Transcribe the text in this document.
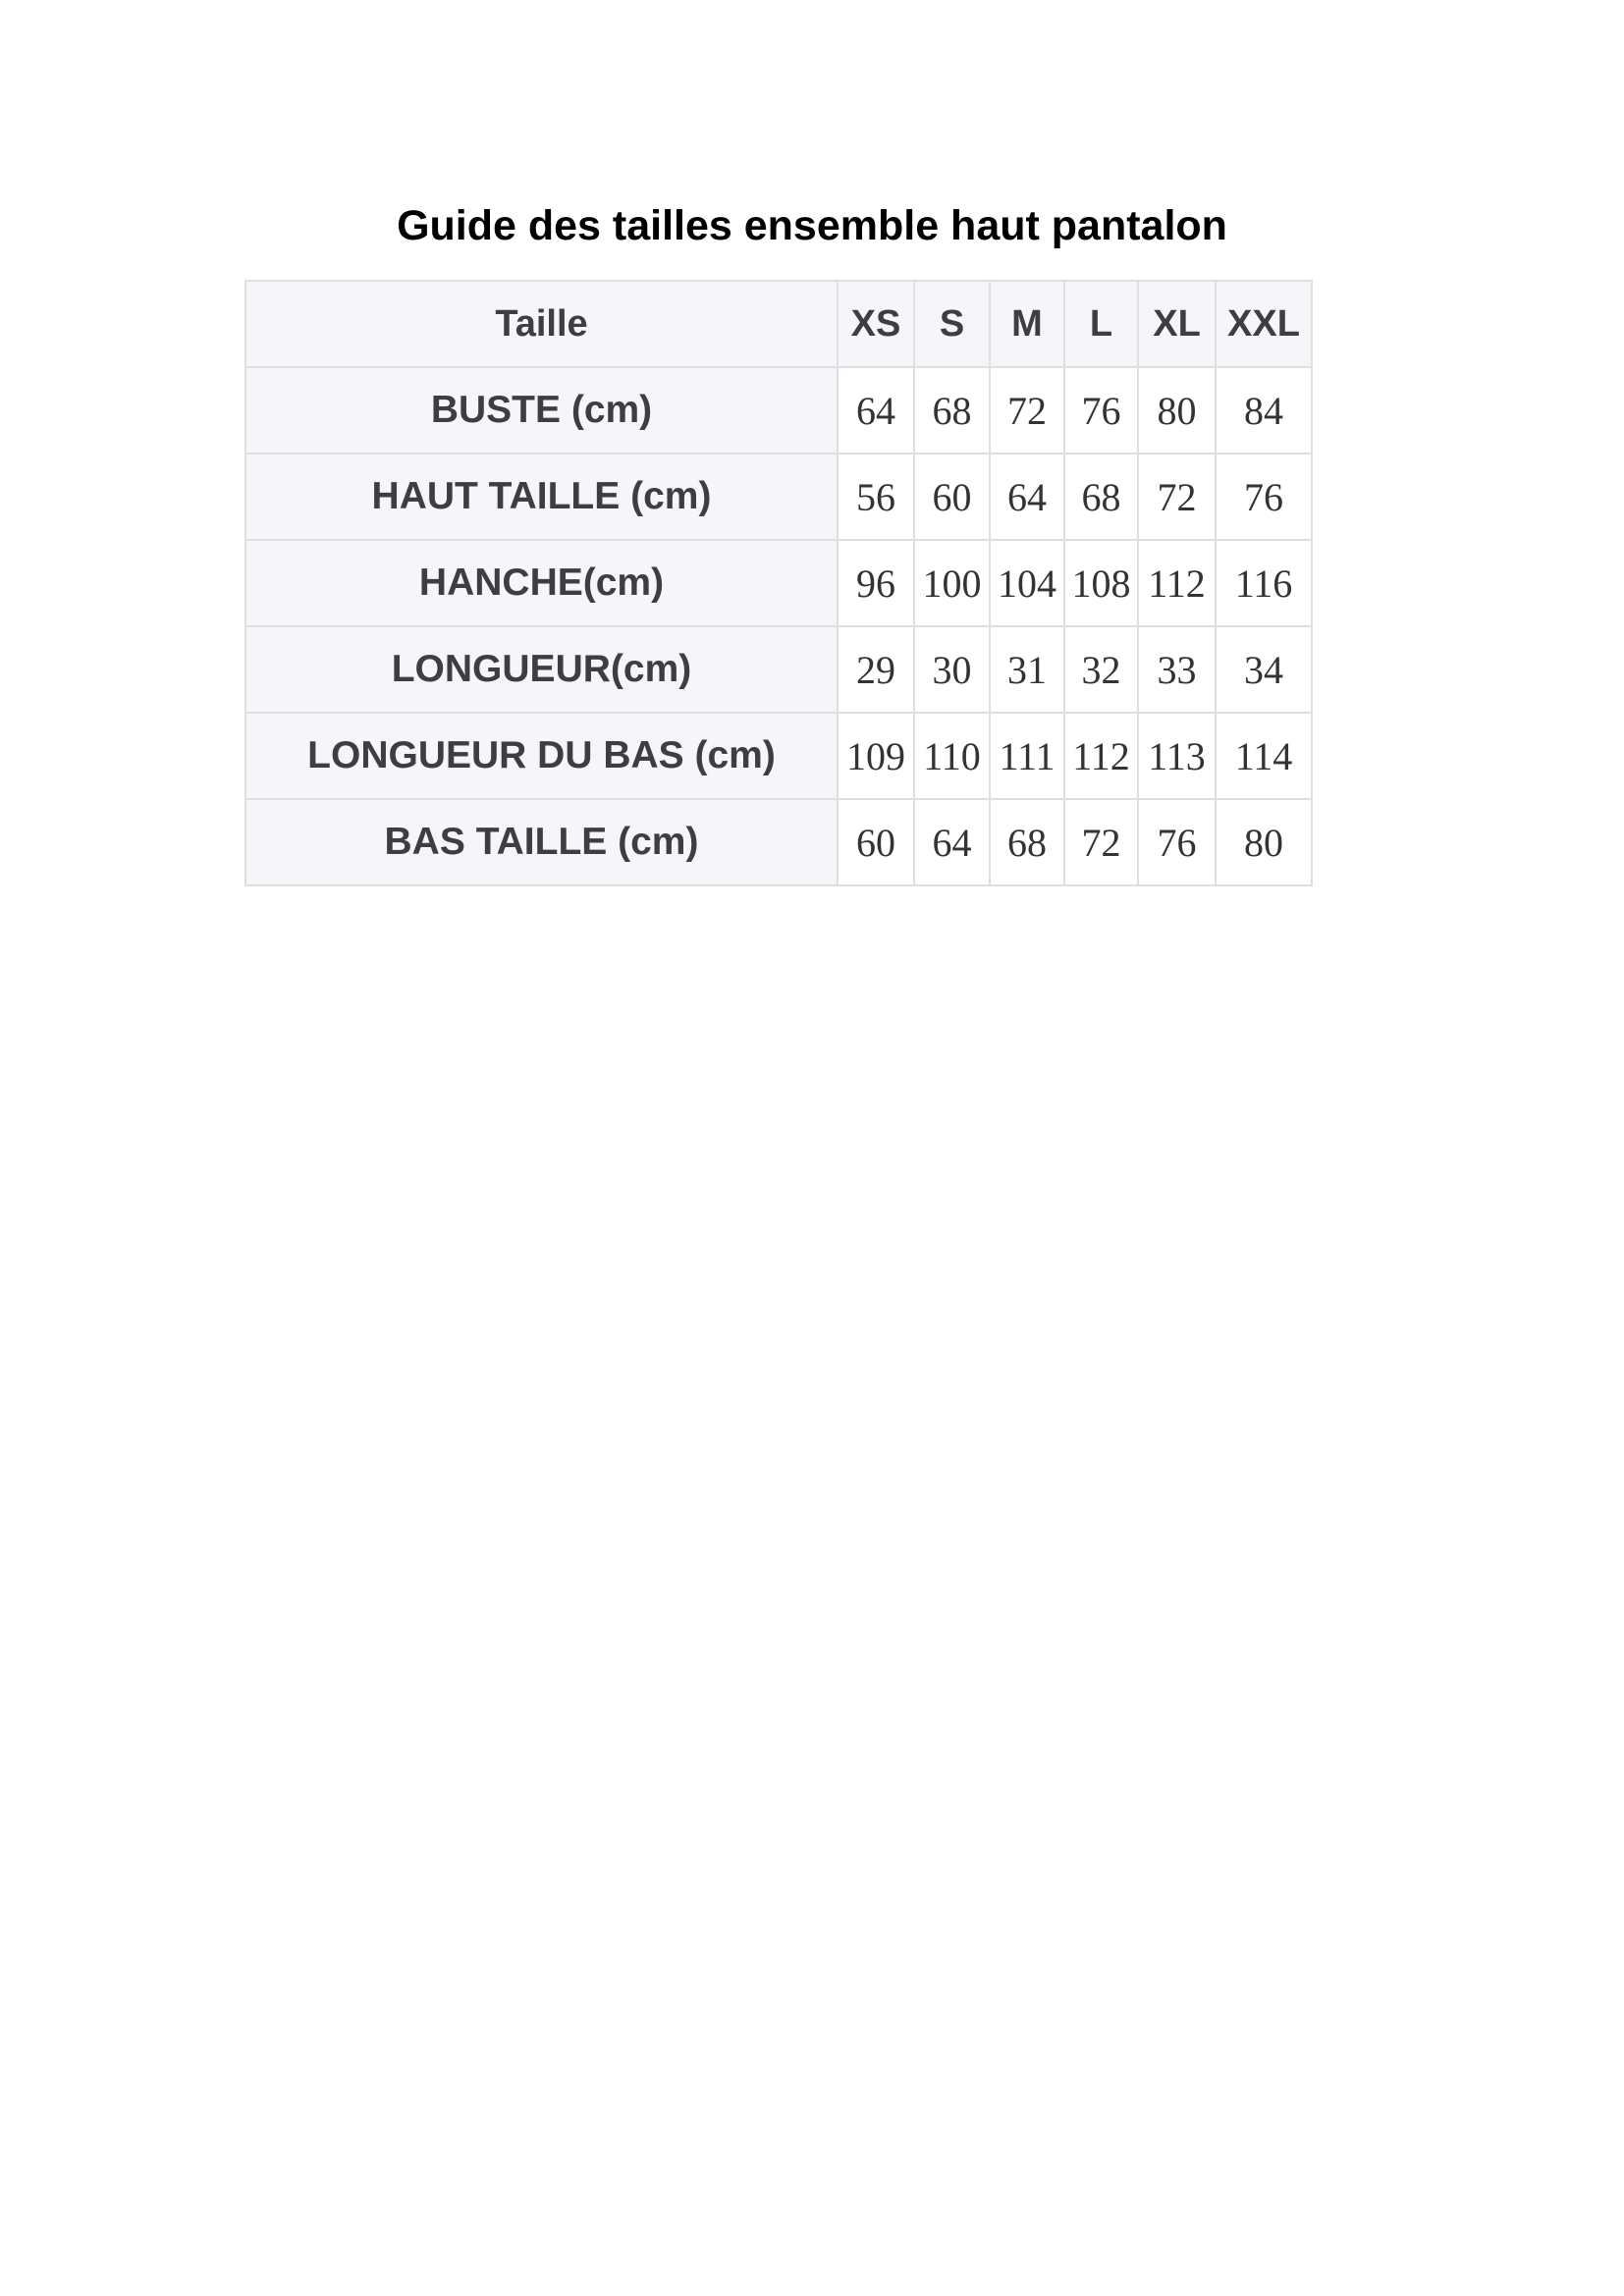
Guide des tailles ensemble haut pantalon
Taille	XS	S	M	L	XL	XXL
BUSTE (cm)	64	68	72	76	80	84
HAUT TAILLE (cm)	56	60	64	68	72	76
HANCHE(cm)	96	100	104	108	112	116
LONGUEUR(cm)	29	30	31	32	33	34
LONGUEUR DU BAS (cm)	109	110	111	112	113	114
BAS TAILLE (cm)	60	64	68	72	76	80
